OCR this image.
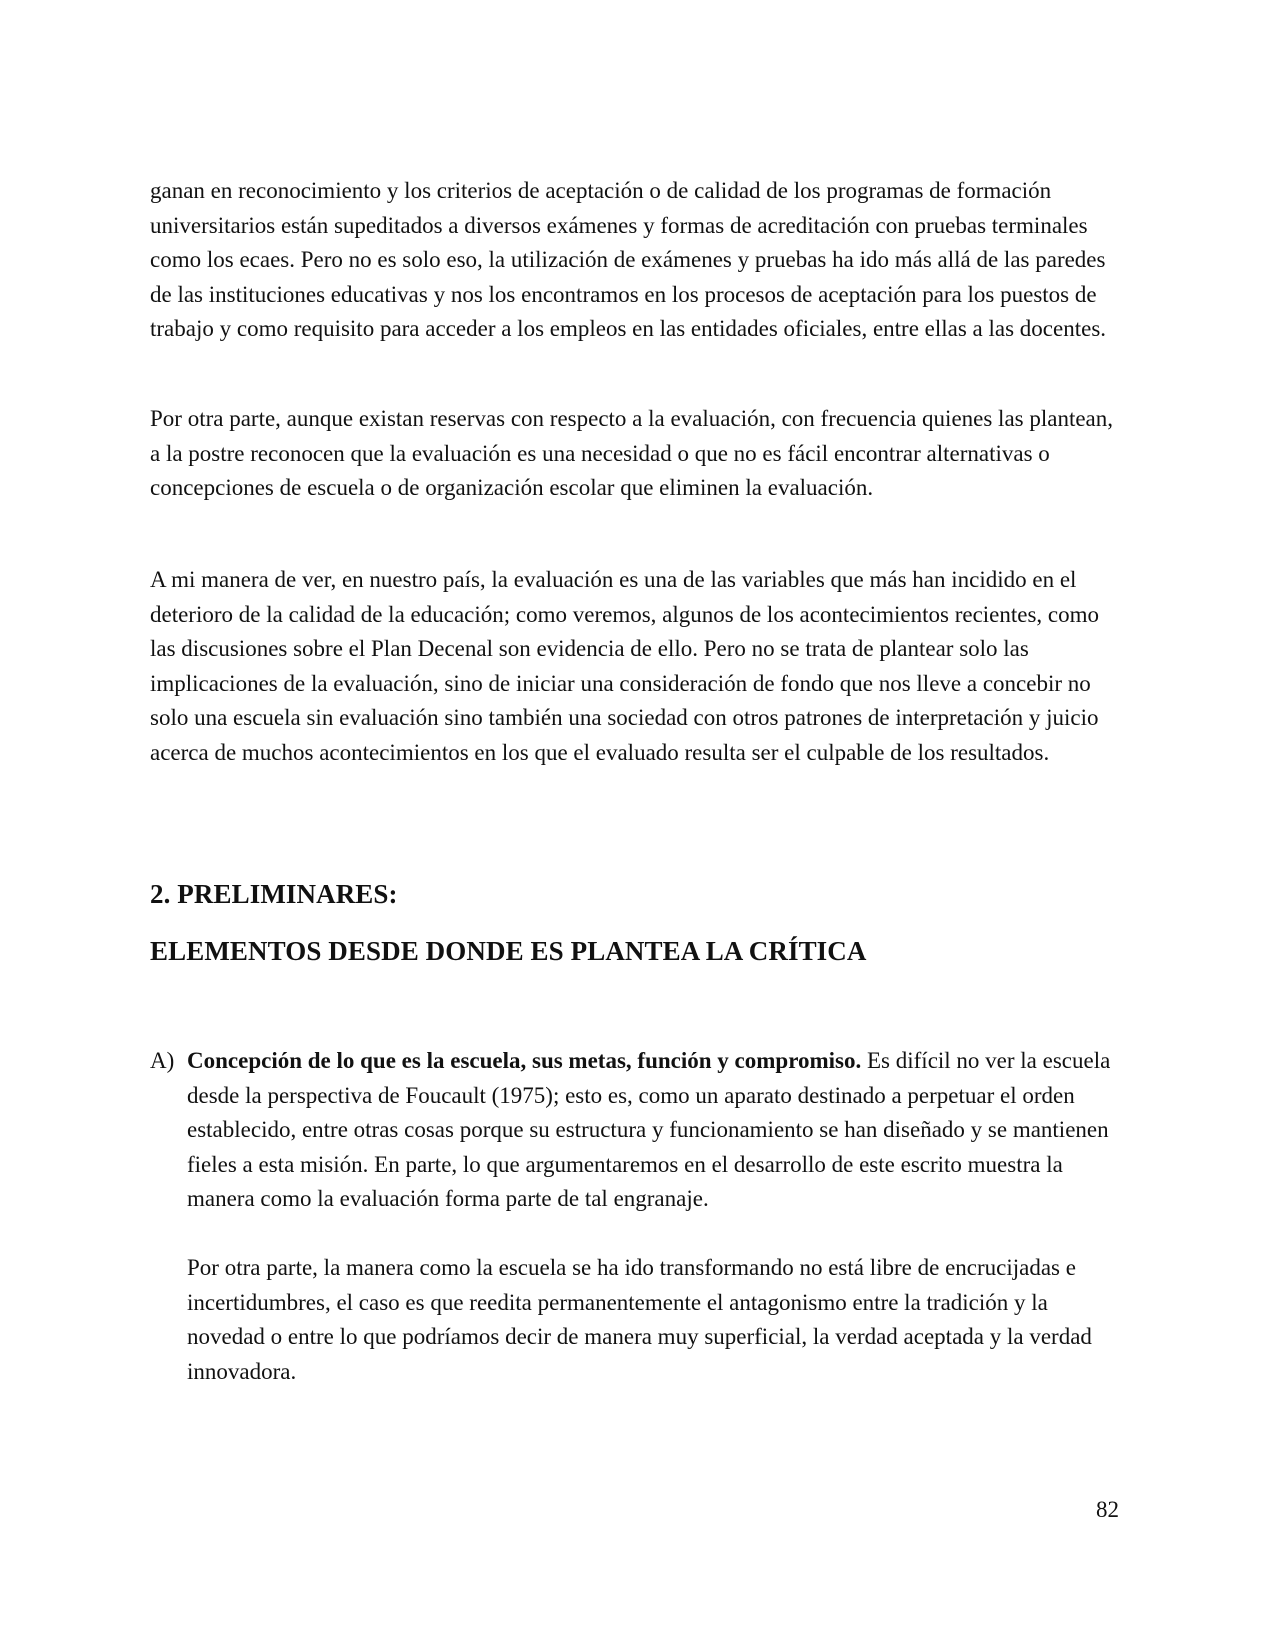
ganan en reconocimiento y los criterios de aceptación o de calidad de los programas de formación universitarios están supeditados a diversos exámenes y formas de acreditación con pruebas terminales como los ecaes. Pero no es solo eso, la utilización de exámenes y pruebas ha ido más allá de las paredes de las instituciones educativas y nos los encontramos en los procesos de aceptación para los puestos de trabajo y como requisito para acceder a los empleos en las entidades oficiales, entre ellas a las docentes.

Por otra parte, aunque existan reservas con respecto a la evaluación, con frecuencia quienes las plantean, a la postre reconocen que la evaluación es una necesidad o que no es fácil encontrar alternativas o concepciones de escuela o de organización escolar que eliminen la evaluación.

A mi manera de ver, en nuestro país, la evaluación es una de las variables que más han incidido en el deterioro de la calidad de la educación; como veremos, algunos de los acontecimientos recientes, como las discusiones sobre el Plan Decenal son evidencia de ello. Pero no se trata de plantear solo las implicaciones de la evaluación, sino de iniciar una consideración de fondo que nos lleve a concebir no solo una escuela sin evaluación sino también una sociedad con otros patrones de interpretación y juicio acerca de muchos acontecimientos en los que el evaluado resulta ser el culpable de los resultados.

2. PRELIMINARES:
ELEMENTOS DESDE DONDE ES PLANTEA LA CRÍTICA
A) Concepción de lo que es la escuela, sus metas, función y compromiso. Es difícil no ver la escuela desde la perspectiva de Foucault (1975); esto es, como un aparato destinado a perpetuar el orden establecido, entre otras cosas porque su estructura y funcionamiento se han diseñado y se mantienen fieles a esta misión. En parte, lo que argumentaremos en el desarrollo de este escrito muestra la manera como la evaluación forma parte de tal engranaje.

Por otra parte, la manera como la escuela se ha ido transformando no está libre de encrucijadas e incertidumbres, el caso es que reedita permanentemente el antagonismo entre la tradición y la novedad o entre lo que podríamos decir de manera muy superficial, la verdad aceptada y la verdad innovadora.

82
